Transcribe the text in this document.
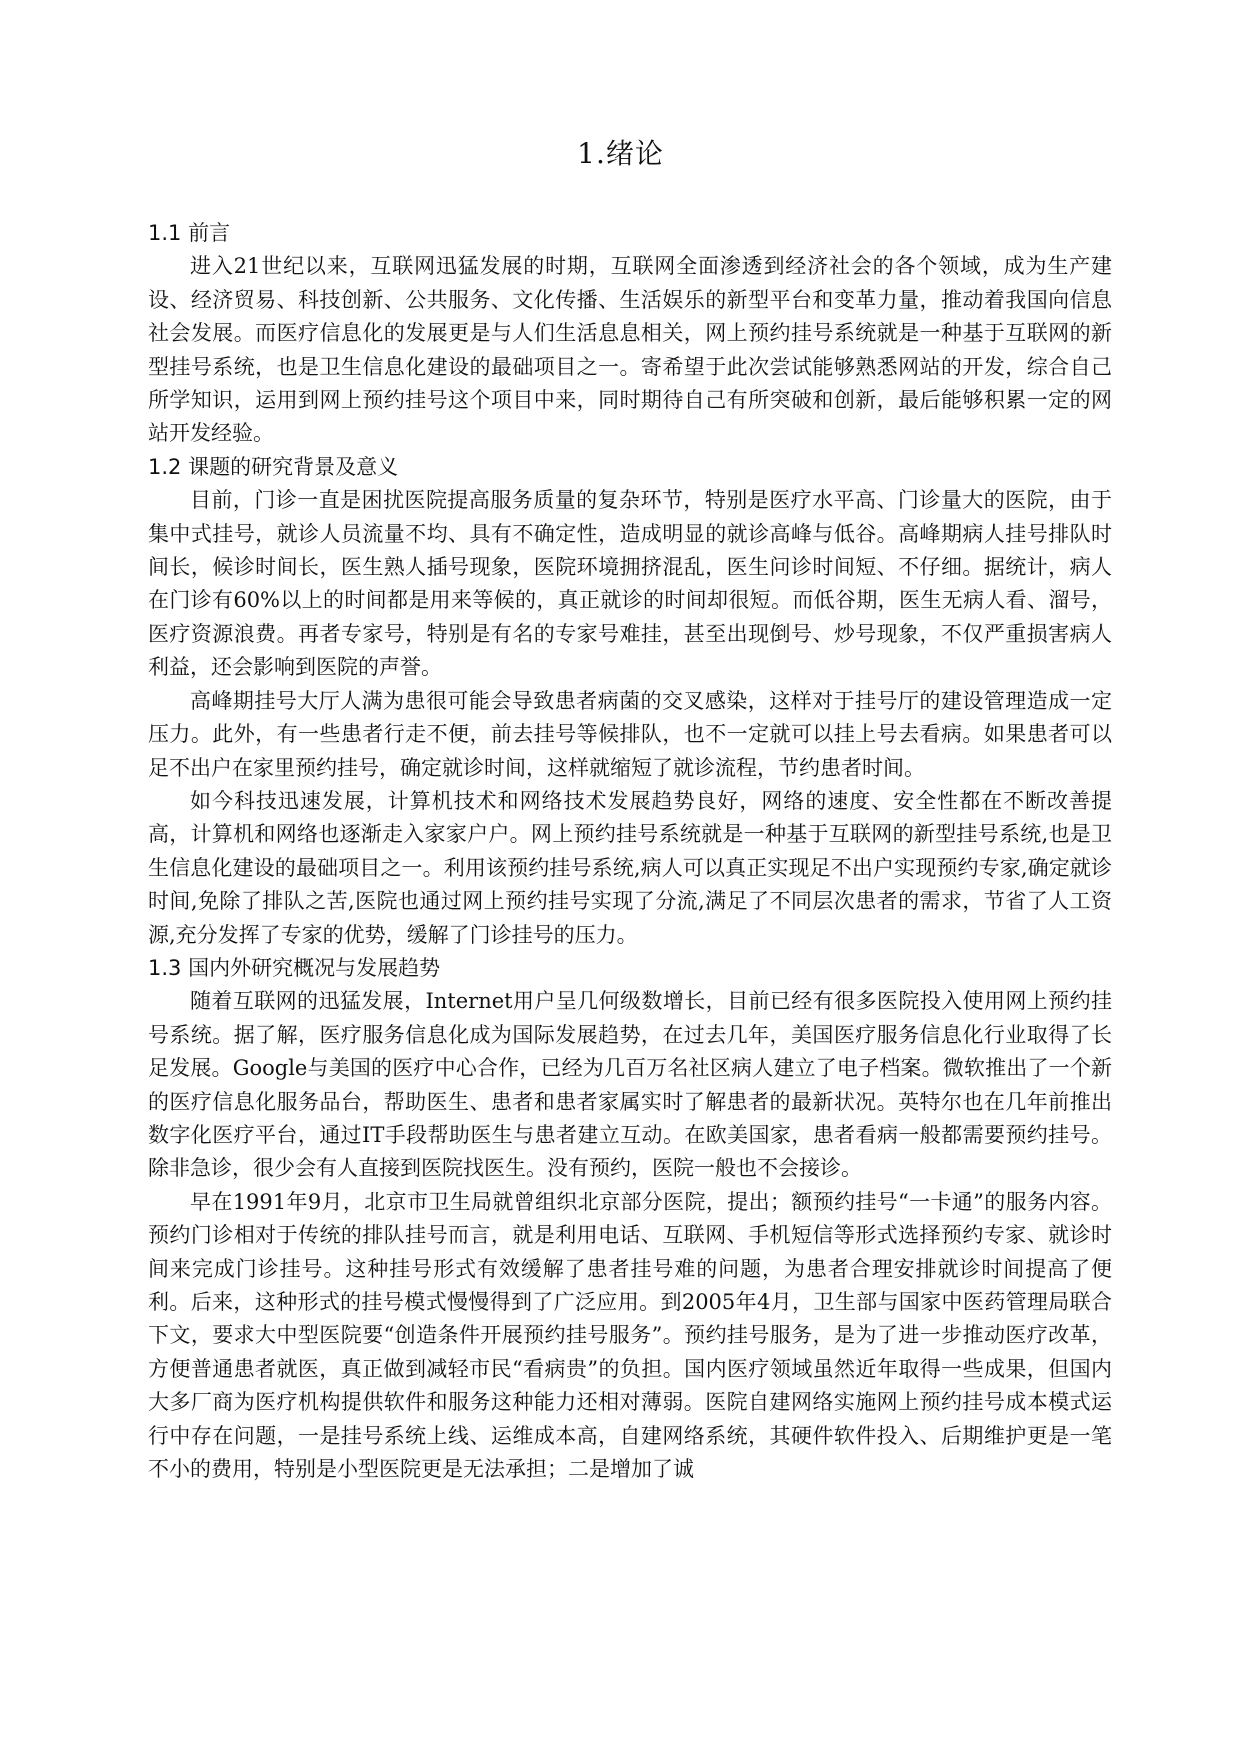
1.绪论

1.1 前言

进入21世纪以来，互联网迅猛发展的时期，互联网全面渗透到经济社会的各个领域，成为生产建设、经济贸易、科技创新、公共服务、文化传播、生活娱乐的新型平台和变革力量，推动着我国向信息社会发展。而医疗信息化的发展更是与人们生活息息相关，网上预约挂号系统就是一种基于互联网的新型挂号系统，也是卫生信息化建设的最础项目之一。寄希望于此次尝试能够熟悉网站的开发，综合自己所学知识，运用到网上预约挂号这个项目中来，同时期待自己有所突破和创新，最后能够积累一定的网站开发经验。

1.2 课题的研究背景及意义

目前，门诊一直是困扰医院提高服务质量的复杂环节，特别是医疗水平高、门诊量大的医院，由于集中式挂号，就诊人员流量不均、具有不确定性，造成明显的就诊高峰与低谷。高峰期病人挂号排队时间长，候诊时间长，医生熟人插号现象，医院环境拥挤混乱，医生问诊时间短、不仔细。据统计，病人在门诊有60%以上的时间都是用来等候的，真正就诊的时间却很短。而低谷期，医生无病人看、溜号，医疗资源浪费。再者专家号，特别是有名的专家号难挂，甚至出现倒号、炒号现象，不仅严重损害病人利益，还会影响到医院的声誉。

高峰期挂号大厅人满为患很可能会导致患者病菌的交叉感染，这样对于挂号厅的建设管理造成一定压力。此外，有一些患者行走不便，前去挂号等候排队，也不一定就可以挂上号去看病。如果患者可以足不出户在家里预约挂号，确定就诊时间，这样就缩短了就诊流程，节约患者时间。

如今科技迅速发展，计算机技术和网络技术发展趋势良好，网络的速度、安全性都在不断改善提高，计算机和网络也逐渐走入家家户户。网上预约挂号系统就是一种基于互联网的新型挂号系统,也是卫生信息化建设的最础项目之一。利用该预约挂号系统,病人可以真正实现足不出户实现预约专家,确定就诊时间,免除了排队之苦,医院也通过网上预约挂号实现了分流,满足了不同层次患者的需求，节省了人工资源,充分发挥了专家的优势，缓解了门诊挂号的压力。

1.3 国内外研究概况与发展趋势

随着互联网的迅猛发展，Internet用户呈几何级数增长，目前已经有很多医院投入使用网上预约挂号系统。据了解，医疗服务信息化成为国际发展趋势，在过去几年，美国医疗服务信息化行业取得了长足发展。Google与美国的医疗中心合作，已经为几百万名社区病人建立了电子档案。微软推出了一个新的医疗信息化服务品台，帮助医生、患者和患者家属实时了解患者的最新状况。英特尔也在几年前推出数字化医疗平台，通过IT手段帮助医生与患者建立互动。在欧美国家，患者看病一般都需要预约挂号。除非急诊，很少会有人直接到医院找医生。没有预约，医院一般也不会接诊。

早在1991年9月，北京市卫生局就曾组织北京部分医院，提出；额预约挂号“一卡通”的服务内容。预约门诊相对于传统的排队挂号而言，就是利用电话、互联网、手机短信等形式选择预约专家、就诊时间来完成门诊挂号。这种挂号形式有效缓解了患者挂号难的问题，为患者合理安排就诊时间提高了便利。后来，这种形式的挂号模式慢慢得到了广泛应用。到2005年4月，卫生部与国家中医药管理局联合下文，要求大中型医院要“创造条件开展预约挂号服务”。预约挂号服务，是为了进一步推动医疗改革，方便普通患者就医，真正做到减轻市民“看病贵”的负担。国内医疗领域虽然近年取得一些成果，但国内大多厂商为医疗机构提供软件和服务这种能力还相对薄弱。医院自建网络实施网上预约挂号成本模式运行中存在问题，一是挂号系统上线、运维成本高，自建网络系统，其硬件软件投入、后期维护更是一笔不小的费用，特别是小型医院更是无法承担；二是增加了诚
